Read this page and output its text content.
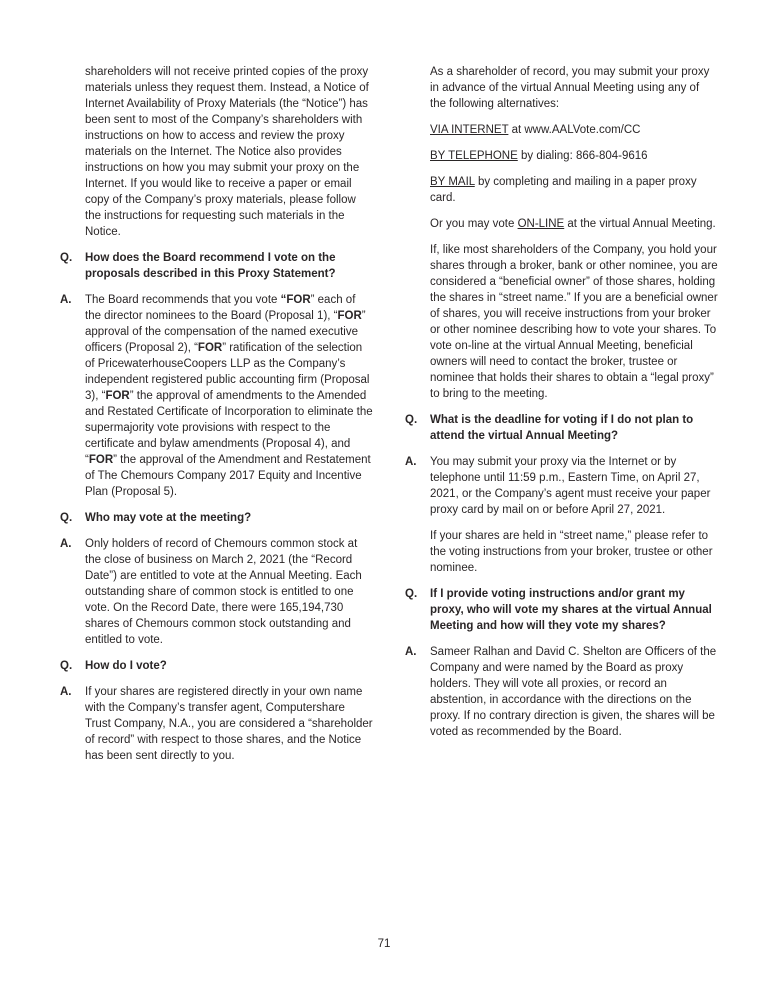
shareholders will not receive printed copies of the proxy materials unless they request them. Instead, a Notice of Internet Availability of Proxy Materials (the “Notice”) has been sent to most of the Company’s shareholders with instructions on how to access and review the proxy materials on the Internet. The Notice also provides instructions on how you may submit your proxy on the Internet. If you would like to receive a paper or email copy of the Company’s proxy materials, please follow the instructions for requesting such materials in the Notice.

Q.	How does the Board recommend I vote on the proposals described in this Proxy Statement?
A.	The Board recommends that you vote “FOR” each of the director nominees to the Board (Proposal 1), “FOR” approval of the compensation of the named executive officers (Proposal 2), “FOR” ratification of the selection of PricewaterhouseCoopers LLP as the Company’s independent registered public accounting firm (Proposal 3), “FOR” the approval of amendments to the Amended and Restated Certificate of Incorporation to eliminate the supermajority vote provisions with respect to the certificate and bylaw amendments (Proposal 4), and “FOR” the approval of the Amendment and Restatement of The Chemours Company 2017 Equity and Incentive Plan (Proposal 5).
Q.	Who may vote at the meeting?
A.	Only holders of record of Chemours common stock at the close of business on March 2, 2021 (the “Record Date”) are entitled to vote at the Annual Meeting. Each outstanding share of common stock is entitled to one vote. On the Record Date, there were 165,194,730 shares of Chemours common stock outstanding and entitled to vote.
Q.	How do I vote?
A.	If your shares are registered directly in your own name with the Company’s transfer agent, Computershare Trust Company, N.A., you are considered a “shareholder of record” with respect to those shares, and the Notice has been sent directly to you.

As a shareholder of record, you may submit your proxy in advance of the virtual Annual Meeting using any of the following alternatives:

VIA INTERNET at www.AALVote.com/CC

BY TELEPHONE by dialing: 866-804-9616

BY MAIL by completing and mailing in a paper proxy card.

Or you may vote ON-LINE at the virtual Annual Meeting.

If, like most shareholders of the Company, you hold your shares through a broker, bank or other nominee, you are considered a “beneficial owner” of those shares, holding the shares in “street name.” If you are a beneficial owner of shares, you will receive instructions from your broker or other nominee describing how to vote your shares. To vote on-line at the virtual Annual Meeting, beneficial owners will need to contact the broker, trustee or nominee that holds their shares to obtain a “legal proxy” to bring to the meeting.

Q.	What is the deadline for voting if I do not plan to attend the virtual Annual Meeting?
A.	You may submit your proxy via the Internet or by telephone until 11:59 p.m., Eastern Time, on April 27, 2021, or the Company’s agent must receive your paper proxy card by mail on or before April 27, 2021.

If your shares are held in “street name,” please refer to the voting instructions from your broker, trustee or other nominee.

Q.	If I provide voting instructions and/or grant my proxy, who will vote my shares at the virtual Annual Meeting and how will they vote my shares?
A.	Sameer Ralhan and David C. Shelton are Officers of the Company and were named by the Board as proxy holders. They will vote all proxies, or record an abstention, in accordance with the directions on the proxy. If no contrary direction is given, the shares will be voted as recommended by the Board.
71
